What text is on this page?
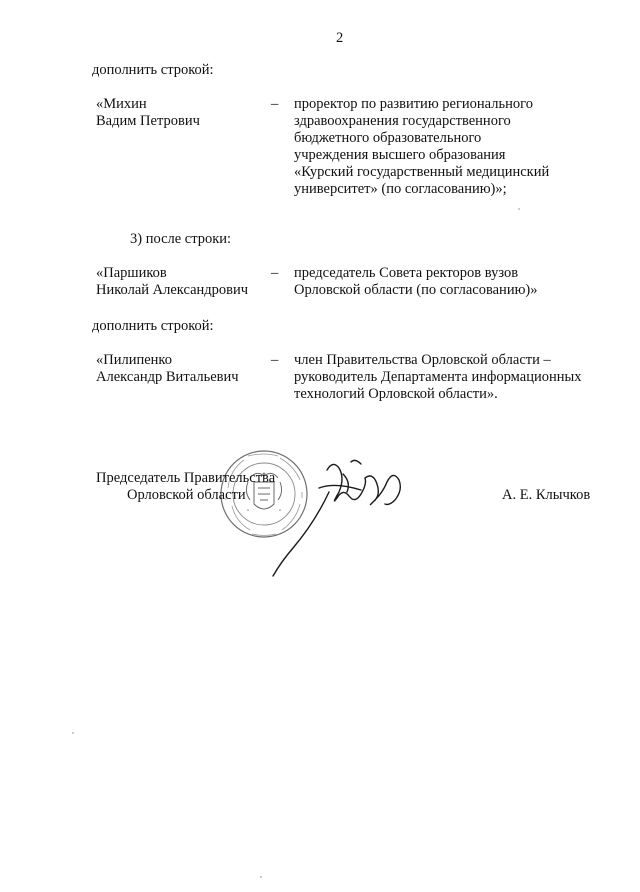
2
дополнить строкой:
«Михин
Вадим Петрович
– проректор по развитию регионального
здравоохранения государственного
бюджетного образовательного
учреждения высшего образования
«Курский государственный медицинский
университет» (по согласованию)»;
3) после строки:
«Паршиков
Николай Александрович
– председатель Совета ректоров вузов
Орловской области (по согласованию)»
дополнить строкой:
«Пилипенко
Александр Витальевич
– член Правительства Орловской области –
руководитель Департамента информационных
технологий Орловской области».
Председатель Правительства
Орловской области	А. Е. Клычков
